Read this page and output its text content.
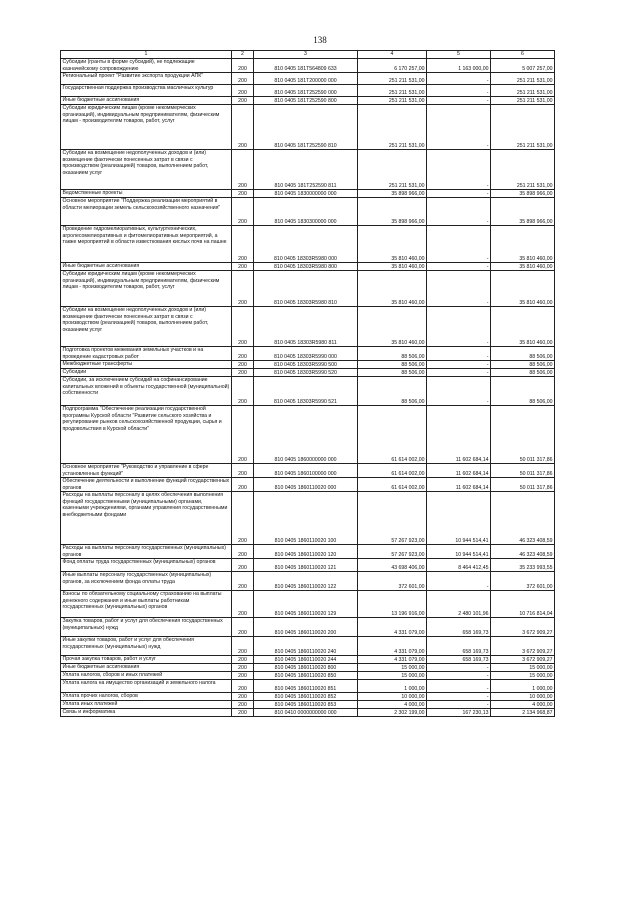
138
1	2	3	4	5	6
Субсидии (гранты в форме субсидий), не подлежащие казначейскому сопровождению	200	810 0405 181Т564809 633	6 170 257,00	1 163 000,00	5 007 257,00
Региональный проект "Развитие экспорта продукции АПК"	200	810 0405 181Т200000 000	251 211 531,00	-	251 211 531,00
Государственная поддержка производства масличных культур	200	810 0405 181Т252590 000	251 211 531,00	-	251 211 531,00
Иные бюджетные ассигнования	200	810 0405 181Т252590 800	251 211 531,00	-	251 211 531,00
Субсидии юридическим лицам (кроме некоммерческих организаций), индивидуальным предпринимателям, физическим лицам - производителям товаров, работ, услуг	200	810 0405 181Т252590 810	251 211 531,00	-	251 211 531,00
Субсидии на возмещение недополученных доходов и (или) возмещение фактически понесенных затрат в связи с производством (реализацией) товаров, выполнением работ, оказанием услуг	200	810 0405 181Т252590 811	251 211 531,00	-	251 211 531,00
Ведомственные проекты	200	810 0405 1830000000 000	35 898 966,00	-	35 898 966,00
Основное мероприятие "Поддержка реализации мероприятий в области мелиорации земель сельскохозяйственного назначения"	200	810 0405 1830300000 000	35 898 966,00	-	35 898 966,00
Проведение гидромелиоративных, культуртехнических, агролесомелиоративных и фитомелиоративных мероприятий, а также мероприятий в области известкования кислых почв на пашне	200	810 0405 18303R5980 000	35 810 460,00	-	35 810 460,00
Иные бюджетные ассигнования	200	810 0405 18303R5980 800	35 810 460,00	-	35 810 460,00
Субсидии юридическим лицам (кроме некоммерческих организаций), индивидуальным предпринимателям, физическим лицам - производителям товаров, работ, услуг	200	810 0405 18303R5980 810	35 810 460,00	-	35 810 460,00
Субсидии на возмещение недополученных доходов и (или) возмещение фактически понесенных затрат в связи с производством (реализацией) товаров, выполнением работ, оказанием услуг	200	810 0405 18303R5980 811	35 810 460,00	-	35 810 460,00
Подготовка проектов межевания земельных участков и на проведение кадастровых работ	200	810 0405 18303R5990 000	88 506,00	-	88 506,00
Межбюджетные трансферты	200	810 0405 18303R5990 500	88 506,00	-	88 506,00
Субсидии	200	810 0405 18303R5990 520	88 506,00	-	88 506,00
Субсидии, за исключением субсидий на софинансирование капитальных вложений в объекты государственной (муниципальной) собственности	200	810 0405 18303R5990 521	88 506,00	-	88 506,00
Подпрограмма "Обеспечение реализации государственной программы Курской области "Развитие сельского хозяйства и регулирование рынков сельскохозяйственной продукции, сырья и продовольствия в Курской области"	200	810 0405 1860000000 000	61 614 002,00	11 602 684,14	50 011 317,86
Основное мероприятие "Руководство и управление в сфере установленных функций"	200	810 0405 1860100000 000	61 614 002,00	11 602 684,14	50 011 317,86
Обеспечение деятельности и выполнение функций государственных органов	200	810 0405 1860110020 000	61 614 002,00	11 602 684,14	50 011 317,86
Расходы на выплаты персоналу в целях обеспечения выполнения функций государственными (муниципальными) органами, казенными учреждениями, органами управления государственными внебюджетными фондами	200	810 0405 1860110020 100	57 267 923,00	10 944 514,41	46 323 408,59
Расходы на выплаты персоналу государственных (муниципальных) органов	200	810 0405 1860110020 120	57 267 923,00	10 944 514,41	46 323 408,59
Фонд оплаты труда государственных (муниципальных) органов	200	810 0405 1860110020 121	43 698 406,00	8 464 412,45	35 233 993,55
Иные выплаты персоналу государственных (муниципальных) органов, за исключением фонда оплаты труда	200	810 0405 1860110020 122	372 601,00	-	372 601,00
Взносы по обязательному социальному страхованию на выплаты денежного содержания и иные выплаты работникам государственных (муниципальных) органов	200	810 0405 1860110020 129	13 196 916,00	2 480 101,96	10 716 814,04
Закупка товаров, работ и услуг для обеспечения государственных (муниципальных) нужд	200	810 0405 1860110020 200	4 331 079,00	658 169,73	3 672 909,27
Иные закупки товаров, работ и услуг для обеспечения государственных (муниципальных) нужд	200	810 0405 1860110020 240	4 331 079,00	658 169,73	3 672 909,27
Прочая закупка товаров, работ и услуг	200	810 0405 1860110020 244	4 331 079,00	658 169,73	3 672 909,27
Иные бюджетные ассигнования	200	810 0405 1860110020 800	15 000,00	-	15 000,00
Уплата налогов, сборов и иных платежей	200	810 0405 1860110020 850	15 000,00	-	15 000,00
Уплата налога на имущество организаций и земельного налога	200	810 0405 1860110020 851	1 000,00	-	1 000,00
Уплата прочих налогов, сборов	200	810 0405 1860110020 852	10 000,00	-	10 000,00
Уплата иных платежей	200	810 0405 1860110020 853	4 000,00	-	4 000,00
Связь и информатика	200	810 0410 0000000000 000	2 302 199,00	167 230,13	2 134 968,87
